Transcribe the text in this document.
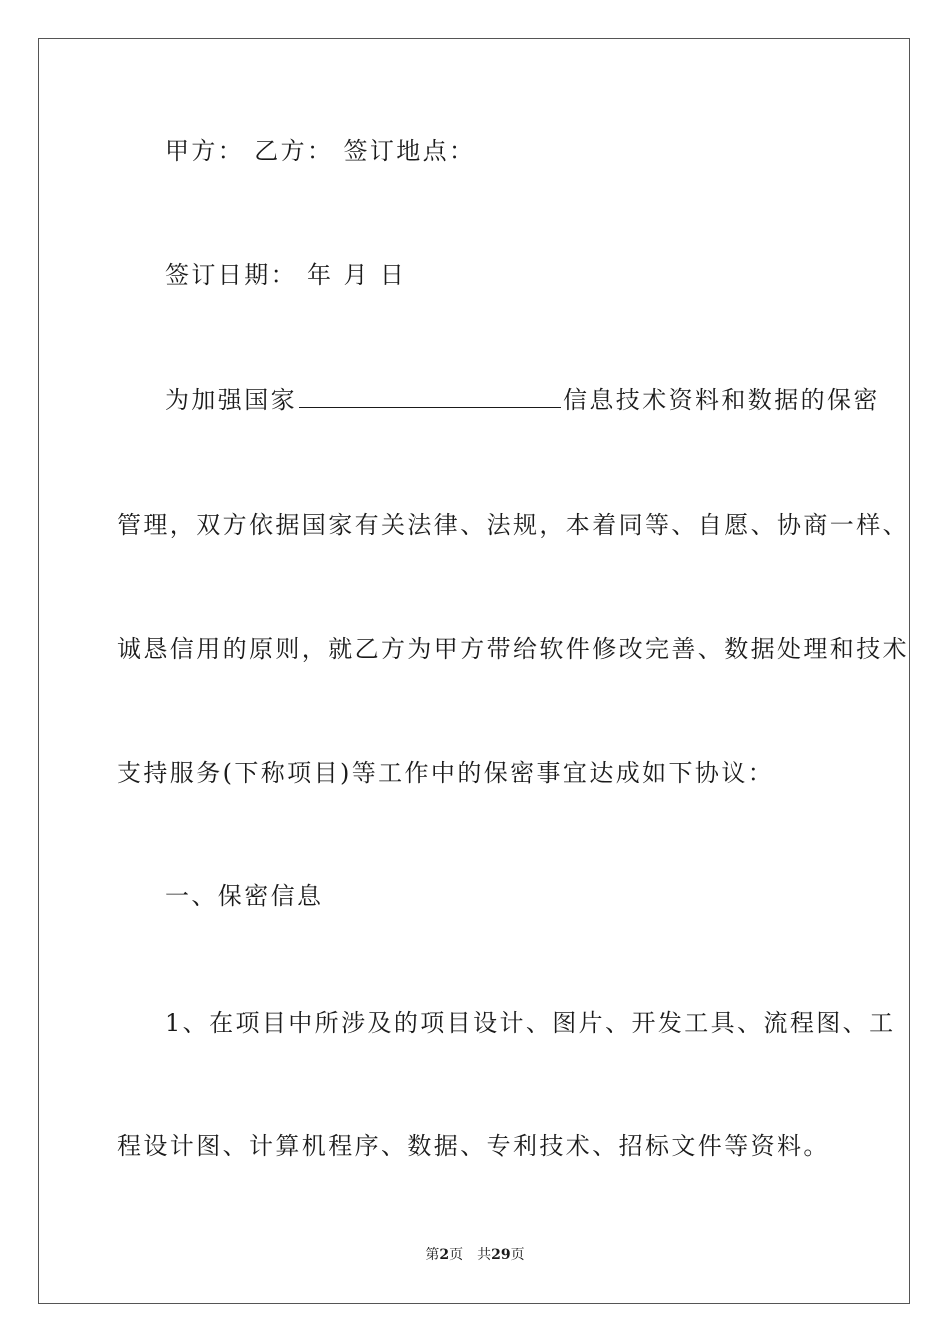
甲方： 乙方： 签订地点：
签订日期： 年 月 日
为加强国家	信息技术资料和数据的保密
管理，双方依据国家有关法律、法规，本着同等、自愿、协商一样、
诚恳信用的原则，就乙方为甲方带给软件修改完善、数据处理和技术
支持服务(下称项目)等工作中的保密事宜达成如下协议：
一、保密信息
1、在项目中所涉及的项目设计、图片、开发工具、流程图、工
程设计图、计算机程序、数据、专利技术、招标文件等资料。
第2页 共29页
